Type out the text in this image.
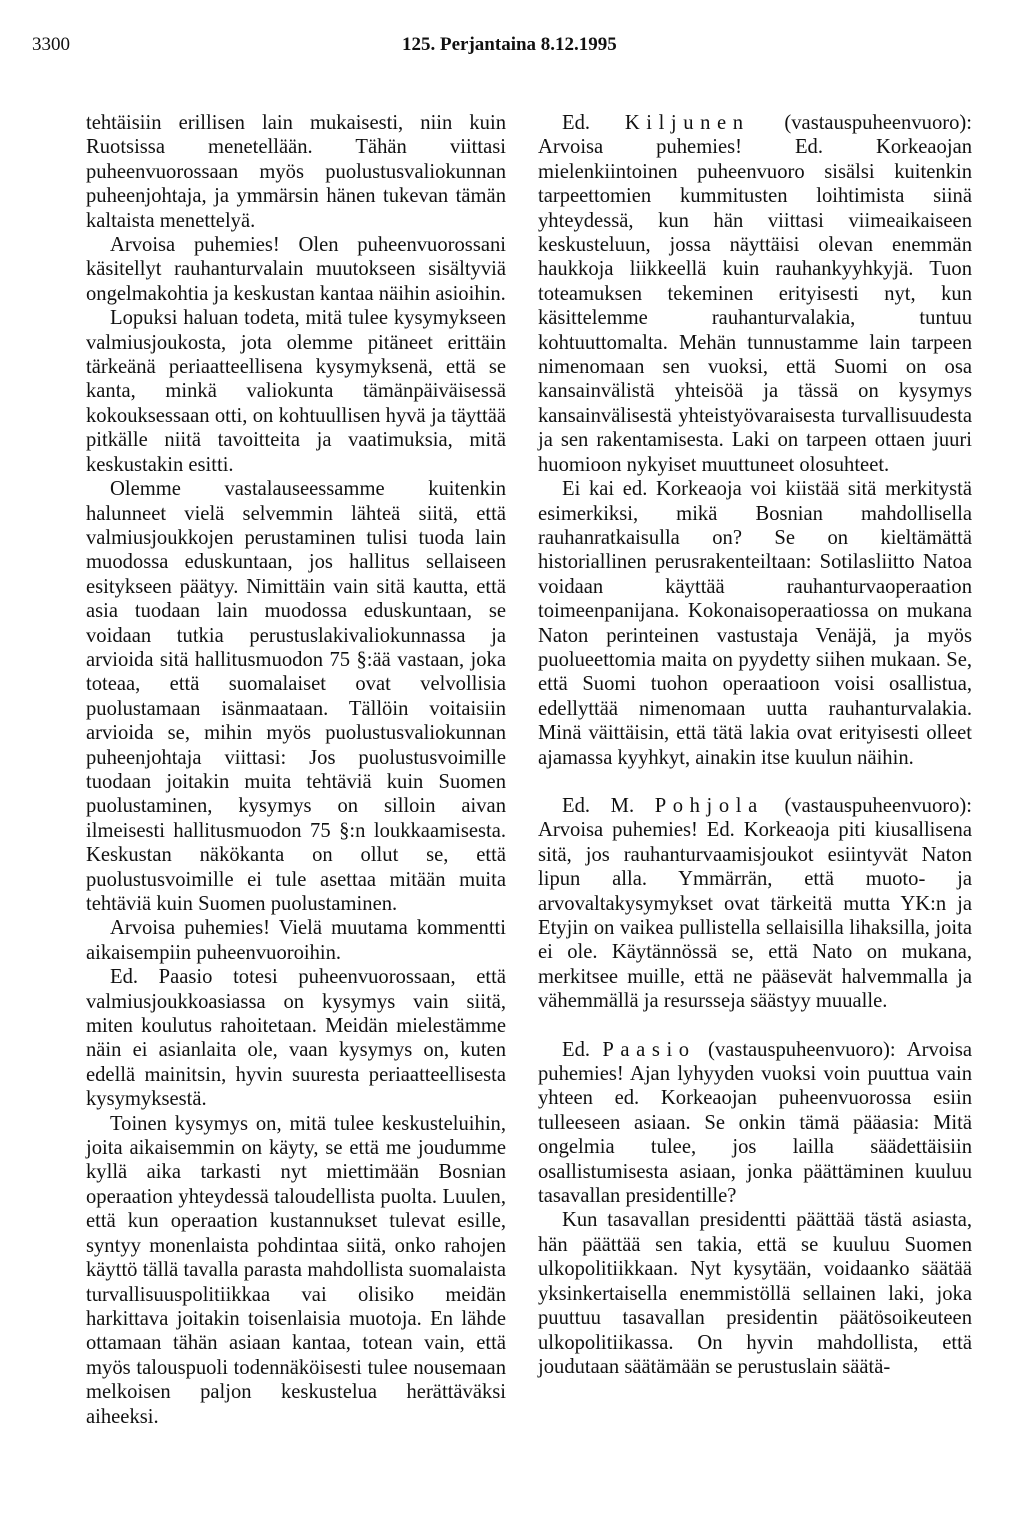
3300	125. Perjantaina 8.12.1995

tehtäisiin erillisen lain mukaisesti, niin kuin Ruotsissa menetellään. Tähän viittasi puheenvuorossaan myös puolustusvaliokunnan puheenjohtaja, ja ymmärsin hänen tukevan tämän kaltaista menettelyä.

Arvoisa puhemies! Olen puheenvuorossani käsitellyt rauhanturvalain muutokseen sisältyviä ongelmakohtia ja keskustan kantaa näihin asioihin.

Lopuksi haluan todeta, mitä tulee kysymykseen valmiusjoukosta, jota olemme pitäneet erittäin tärkeänä periaatteellisena kysymyksenä, että se kanta, minkä valiokunta tämänpäiväisessä kokouksessaan otti, on kohtuullisen hyvä ja täyttää pitkälle niitä tavoitteita ja vaatimuksia, mitä keskustakin esitti.

Olemme vastalauseessamme kuitenkin halunneet vielä selvemmin lähteä siitä, että valmiusjoukkojen perustaminen tulisi tuoda lain muodossa eduskuntaan, jos hallitus sellaiseen esitykseen päätyy. Nimittäin vain sitä kautta, että asia tuodaan lain muodossa eduskuntaan, se voidaan tutkia perustuslakivaliokunnassa ja arvioida sitä hallitusmuodon 75 §:ää vastaan, joka toteaa, että suomalaiset ovat velvollisia puolustamaan isänmaataan. Tällöin voitaisiin arvioida se, mihin myös puolustusvaliokunnan puheenjohtaja viittasi: Jos puolustusvoimille tuodaan joitakin muita tehtäviä kuin Suomen puolustaminen, kysymys on silloin aivan ilmeisesti hallitusmuodon 75 §:n loukkaamisesta. Keskustan näkökanta on ollut se, että puolustusvoimille ei tule asettaa mitään muita tehtäviä kuin Suomen puolustaminen.

Arvoisa puhemies! Vielä muutama kommentti aikaisempiin puheenvuoroihin.

Ed. Paasio totesi puheenvuorossaan, että valmiusjoukkoasiassa on kysymys vain siitä, miten koulutus rahoitetaan. Meidän mielestämme näin ei asianlaita ole, vaan kysymys on, kuten edellä mainitsin, hyvin suuresta periaatteellisesta kysymyksestä.

Toinen kysymys on, mitä tulee keskusteluihin, joita aikaisemmin on käyty, se että me joudumme kyllä aika tarkasti nyt miettimään Bosnian operaation yhteydessä taloudellista puolta. Luulen, että kun operaation kustannukset tulevat esille, syntyy monenlaista pohdintaa siitä, onko rahojen käyttö tällä tavalla parasta mahdollista suomalaista turvallisuuspolitiikkaa vai olisiko meidän harkittava joitakin toisenlaisia muotoja. En lähde ottamaan tähän asiaan kantaa, totean vain, että myös talouspuoli todennäköisesti tulee nousemaan melkoisen paljon keskustelua herättäväksi aiheeksi.

Ed. Kiljunen (vastauspuheenvuoro): Arvoisa puhemies!	Ed. Korkeaojan mielenkiintoinen puheenvuoro sisälsi kuitenkin tarpeettomien kummitusten loihtimista siinä yhteydessä, kun hän viittasi viimeaikaiseen keskusteluun, jossa näyttäisi olevan enemmän haukkoja liikkeellä kuin rauhankyyhkyjä. Tuon toteamuksen tekeminen erityisesti nyt, kun käsittelemme rauhanturvalakia, tuntuu kohtuuttomalta. Mehän tunnustamme lain tarpeen nimenomaan sen vuoksi, että Suomi on osa kansainvälistä yhteisöä ja tässä on kysymys kansainvälisestä yhteistyövaraisesta turvallisuudesta ja sen rakentamisesta. Laki on tarpeen ottaen juuri huomioon nykyiset muuttuneet olosuhteet.

Ei kai ed. Korkeaoja voi kiistää sitä merkitystä esimerkiksi, mikä Bosnian mahdollisella rauhanratkaisulla on? Se on kieltämättä historiallinen perusrakenteiltaan: Sotilasliitto Natoa voidaan käyttää rauhanturvaoperaation toimeenpanijana. Kokonaisoperaatiossa on mukana Naton perinteinen vastustaja Venäjä, ja myös puolueettomia maita on pyydetty siihen mukaan. Se, että Suomi tuohon operaatioon voisi osallistua, edellyttää nimenomaan uutta rauhanturvalakia. Minä väittäisin, että tätä lakia ovat erityisesti olleet ajamassa kyyhkyt, ainakin itse kuulun näihin.

Ed. M. Pohjola (vastauspuheenvuoro): Arvoisa puhemies! Ed. Korkeaoja piti kiusallisena sitä, jos rauhanturvaamisjoukot esiintyvät Naton lipun alla. Ymmärrän, että muoto- ja arvovaltakysymykset ovat tärkeitä mutta YK:n ja Etyjin on vaikea pullistella sellaisilla lihaksilla, joita ei ole. Käytännössä se, että Nato on mukana, merkitsee muille, että ne pääsevät halvemmalla ja vähemmällä ja resursseja säästyy muualle.

Ed. Paasio (vastauspuheenvuoro): Arvoisa puhemies! Ajan lyhyyden vuoksi voin puuttua vain yhteen ed. Korkeaojan puheenvuorossa esiin tulleeseen asiaan. Se onkin tämä pääasia: Mitä ongelmia tulee, jos lailla säädettäisiin osallistumisesta asiaan, jonka päättäminen kuuluu tasavallan presidentille?

Kun tasavallan presidentti päättää tästä asiasta, hän päättää sen takia, että se kuuluu Suomen ulkopolitiikkaan. Nyt kysytään, voidaanko säätää yksinkertaisella enemmistöllä sellainen laki, joka puuttuu tasavallan presidentin päätösoikeuteen ulkopolitiikassa. On hyvin mahdollista, että joudutaan säätämään se perustuslain säätä-
